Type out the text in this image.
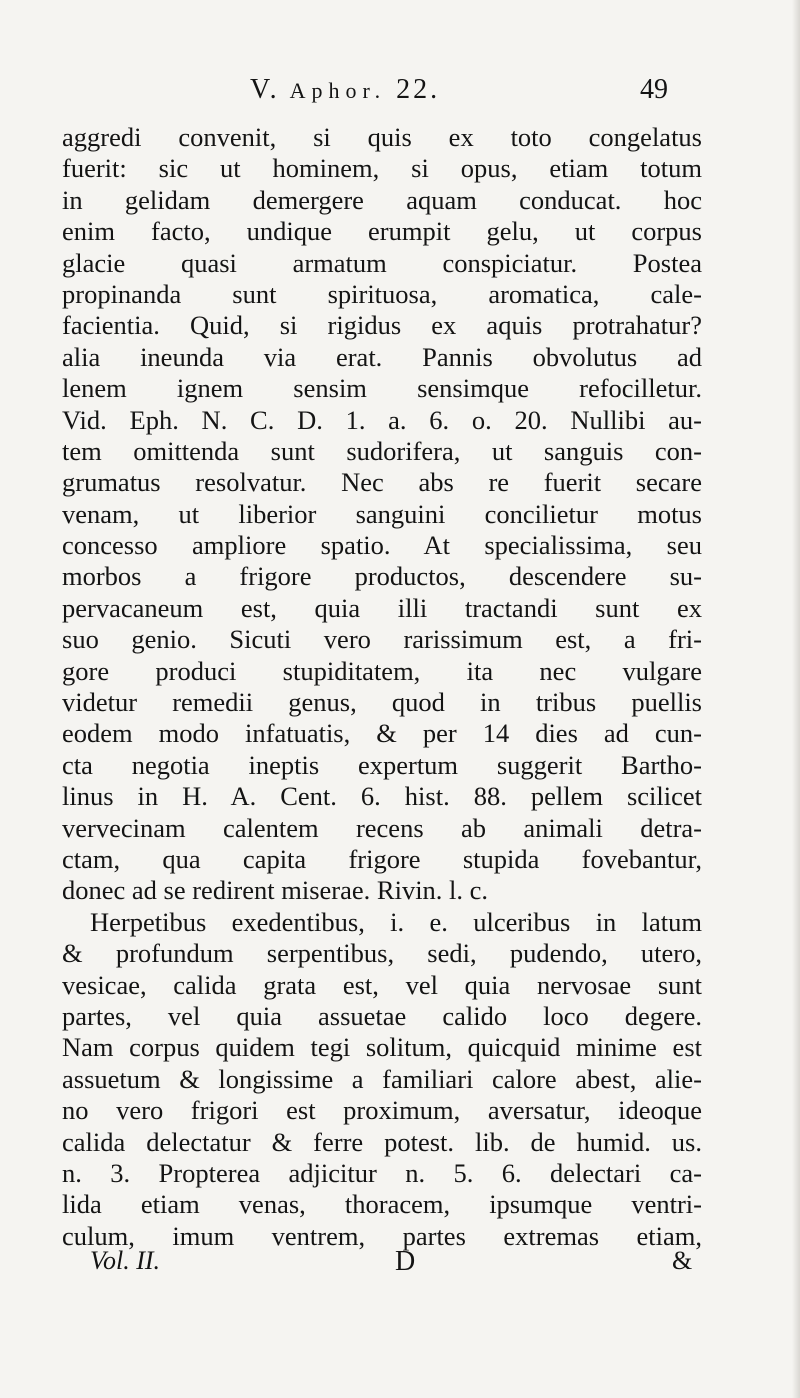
V. Aphor. 22.	49
aggredi convenit, si quis ex toto congelatus
fuerit: sic ut hominem, si opus, etiam totum
in gelidam demergere aquam conducat. hoc
enim facto, undique erumpit gelu, ut corpus
glacie quasi armatum conspiciatur. Postea
propinanda sunt spirituosa, aromatica, cale-
facientia. Quid, si rigidus ex aquis protrahatur?
alia ineunda via erat. Pannis obvolutus ad
lenem ignem sensim sensimque refocilletur.
Vid. Eph. N. C. D. 1. a. 6. o. 20. Nullibi au-
tem omittenda sunt sudorifera, ut sanguis con-
grumatus resolvatur. Nec abs re fuerit secare
venam, ut liberior sanguini concilietur motus
concesso ampliore spatio. At specialissima, seu
morbos a frigore productos, descendere su-
pervacaneum est, quia illi tractandi sunt ex
suo genio. Sicuti vero rarissimum est, a fri-
gore produci stupiditatem, ita nec vulgare
videtur remedii genus, quod in tribus puellis
eodem modo infatuatis, & per 14 dies ad cun-
cta negotia ineptis expertum suggerit Bartho-
linus in H. A. Cent. 6. hist. 88. pellem scilicet
vervecinam calentem recens ab animali detra-
ctam, qua capita frigore stupida fovebantur,
donec ad se redirent miserae. Rivin. l. c.
Herpetibus exedentibus, i. e. ulceribus in latum
& profundum serpentibus, sedi, pudendo, utero,
vesicae, calida grata est, vel quia nervosae sunt
partes, vel quia assuetae calido loco degere.
Nam corpus quidem tegi solitum, quicquid minime est
assuetum & longissime a familiari calore abest, alie-
no vero frigori est proximum, aversatur, ideoque
calida delectatur & ferre potest. lib. de humid. us.
n. 3. Propterea adjicitur n. 5. 6. delectari ca-
lida etiam venas, thoracem, ipsumque ventri-
culum, imum ventrem, partes extremas etiam,
Vol. II.	D	&
